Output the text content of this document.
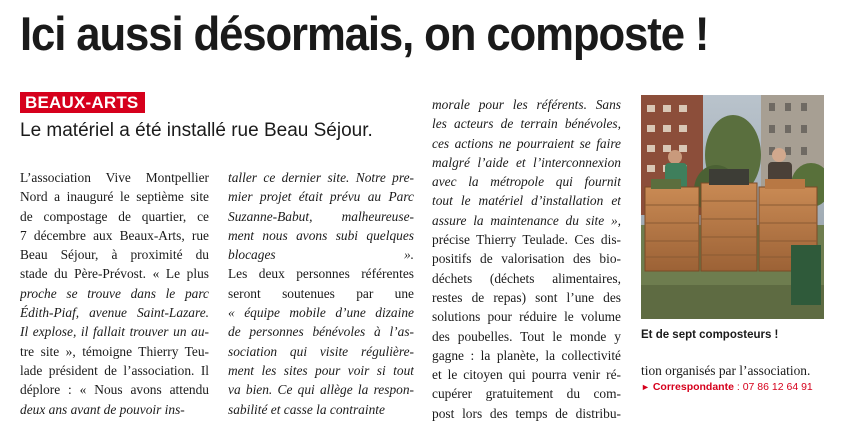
Ici aussi désormais, on composte !
BEAUX-ARTS
Le matériel a été installé rue Beau Séjour.
L’association Vive Montpellier
Nord a inauguré le septième site
de compostage de quartier, ce
7 décembre aux Beaux-Arts, rue
Beau Séjour, à proximité du
stade du Père-Prévost. « Le plus
proche se trouve dans le parc
Édith-Piaf, avenue Saint-Lazare.
Il explose, il fallait trouver un au-
tre site », témoigne Thierry Teu-
lade président de l’association. Il
déplore : « Nous avons attendu
deux ans avant de pouvoir ins-
taller ce dernier site. Notre pre-
mier projet était prévu au Parc
Suzanne-Babut, malheureuse-
ment nous avons subi quelques
blocages ».
Les deux personnes référentes
seront soutenues par une
« équipe mobile d’une dizaine
de personnes bénévoles à l’as-
sociation qui visite régulière-
ment les sites pour voir si tout
va bien. Ce qui allège la respon-
sabilité et casse la contrainte
morale pour les référents. Sans
les acteurs de terrain bénévoles,
ces actions ne pourraient se faire
malgré l’aide et l’interconnexion
avec la métropole qui fournit
tout le matériel d’installation et
assure la maintenance du site »,
précise Thierry Teulade. Ces dis-
positifs de valorisation des bio-
déchets (déchets alimentaires,
restes de repas) sont l’une des
solutions pour réduire le volume
des poubelles. Tout le monde y
gagne : la planète, la collectivité
et le citoyen qui pourra venir ré-
cupérer gratuitement du com-
post lors des temps de distribu-
tion organisés par l’association.
Et de sept composteurs !
► Correspondante : 07 86 12 64 91
